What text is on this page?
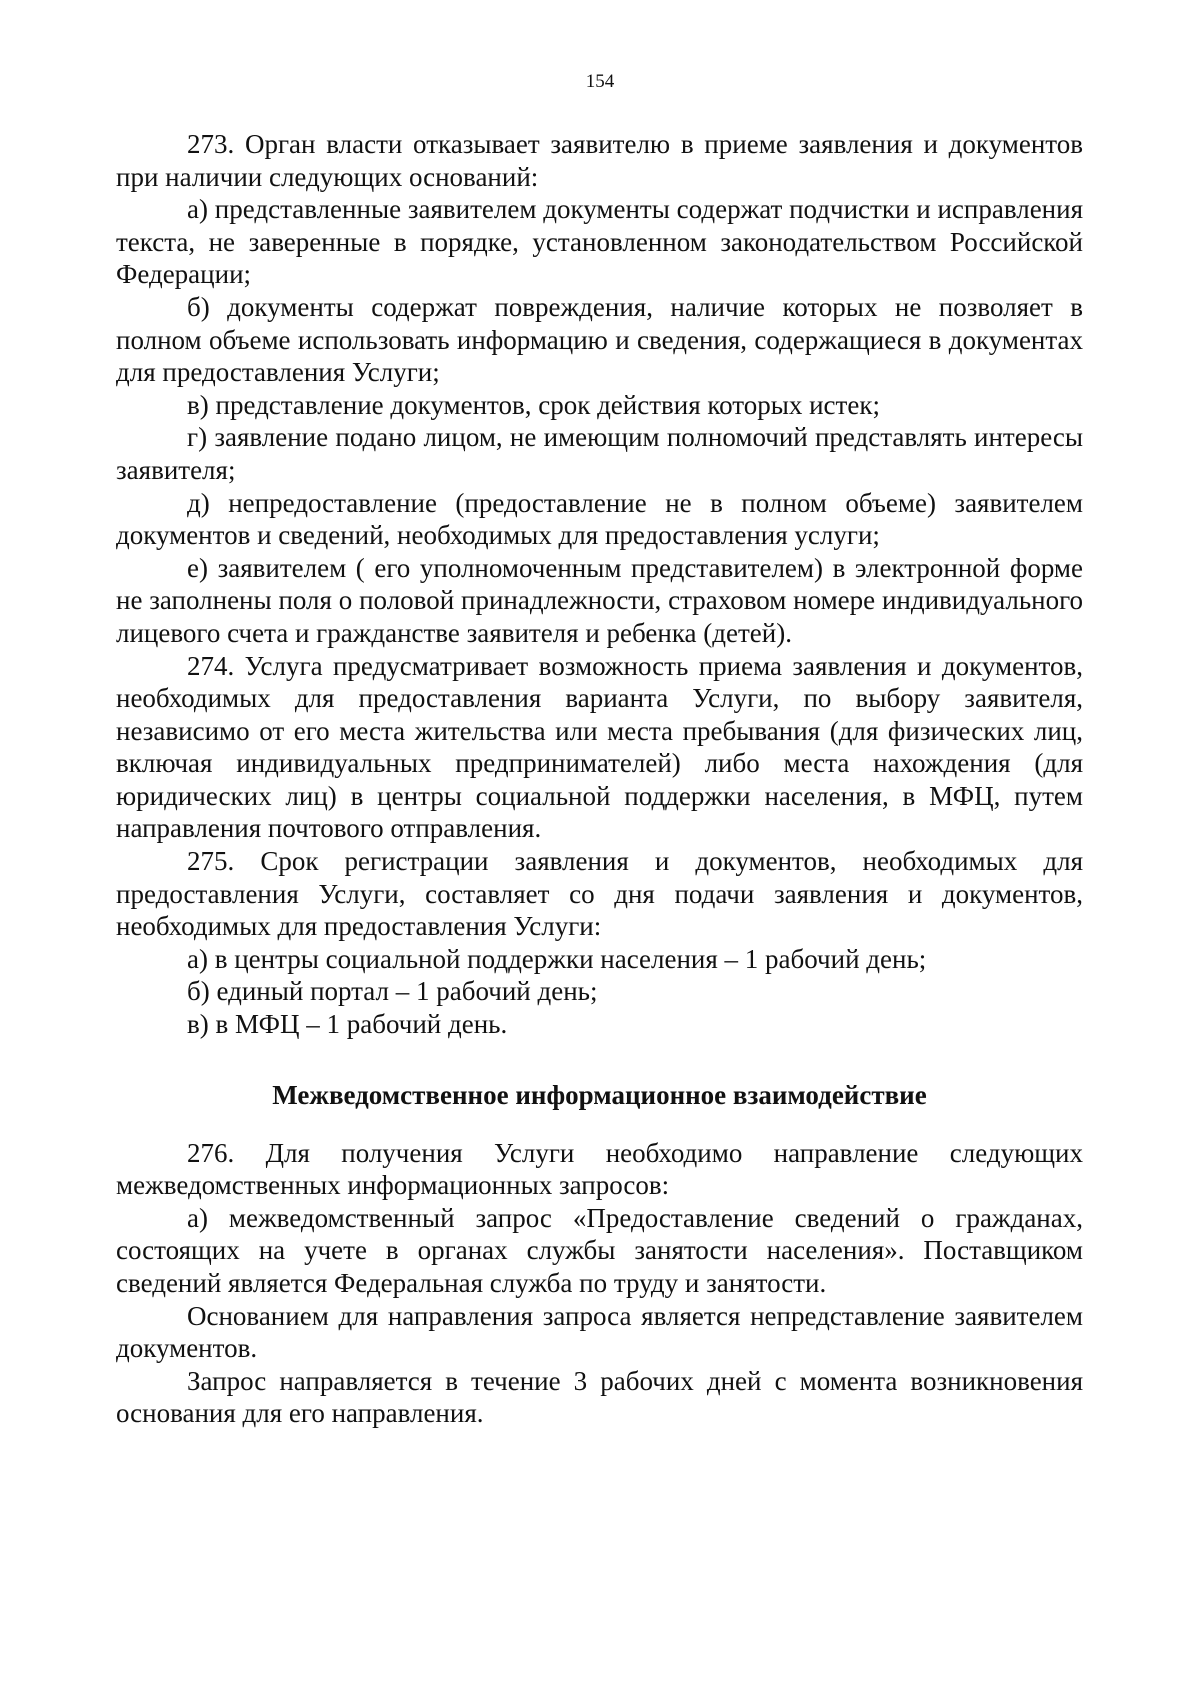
154

273. Орган власти отказывает заявителю в приеме заявления и документов при наличии следующих оснований:

а) представленные заявителем документы содержат подчистки и исправления текста, не заверенные в порядке, установленном законодательством Российской Федерации;

б) документы содержат повреждения, наличие которых не позволяет в полном объеме использовать информацию и сведения, содержащиеся в документах для предоставления Услуги;

в) представление документов, срок действия которых истек;

г) заявление подано лицом, не имеющим полномочий представлять интересы заявителя;

д) непредоставление (предоставление не в полном объеме) заявителем документов и сведений, необходимых для предоставления услуги;

е) заявителем ( его уполномоченным представителем) в электронной форме не заполнены поля о половой принадлежности, страховом номере индивидуального лицевого счета и гражданстве заявителя и ребенка (детей).

274. Услуга предусматривает возможность приема заявления и документов, необходимых для предоставления варианта Услуги, по выбору заявителя, независимо от его места жительства или места пребывания (для физических лиц, включая индивидуальных предпринимателей) либо места нахождения (для юридических лиц) в центры социальной поддержки населения, в МФЦ, путем направления почтового отправления.

275. Срок регистрации заявления и документов, необходимых для предоставления Услуги, составляет со дня подачи заявления и документов, необходимых для предоставления Услуги:

а) в центры социальной поддержки населения – 1 рабочий день;

б) единый портал – 1 рабочий день;

в) в МФЦ – 1 рабочий день.

Межведомственное информационное взаимодействие

276. Для получения Услуги необходимо направление следующих межведомственных информационных запросов:

а) межведомственный запрос «Предоставление сведений о гражданах, состоящих на учете в органах службы занятости населения». Поставщиком сведений является Федеральная служба по труду и занятости.

Основанием для направления запроса является непредставление заявителем документов.

Запрос направляется в течение 3 рабочих дней с момента возникновения основания для его направления.
